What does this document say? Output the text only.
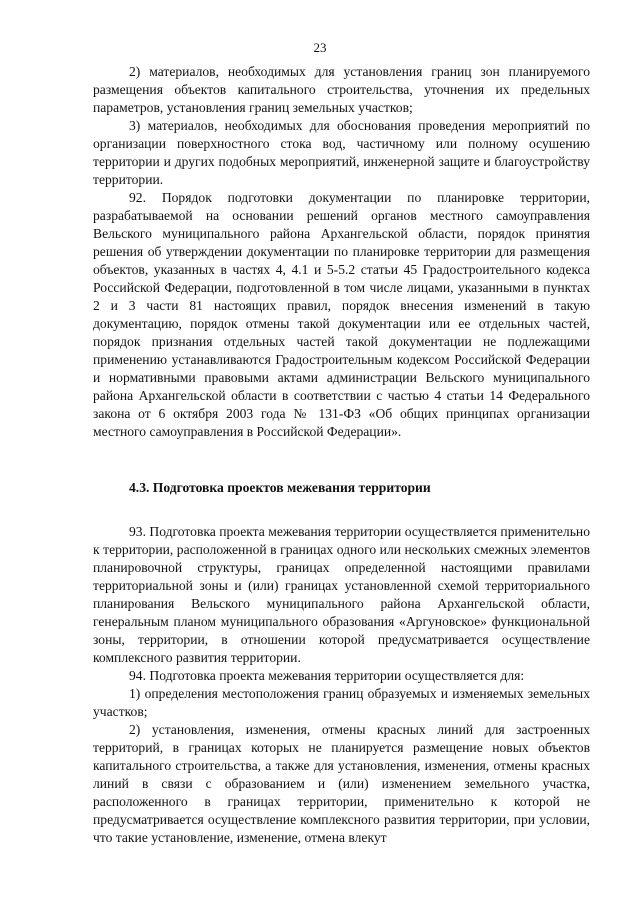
23

2) материалов, необходимых для установления границ зон планируемого размещения объектов капитального строительства, уточнения их предельных параметров, установления границ земельных участков;

3) материалов, необходимых для обоснования проведения мероприятий по организации поверхностного стока вод, частичному или полному осушению территории и других подобных мероприятий, инженерной защите и благоустройству территории.

92. Порядок подготовки документации по планировке территории, разрабатываемой на основании решений органов местного самоуправления Вельского муниципального района Архангельской области, порядок принятия решения об утверждении документации по планировке территории для размещения объектов, указанных в частях 4, 4.1 и 5-5.2 статьи 45 Градостроительного кодекса Российской Федерации, подготовленной в том числе лицами, указанными в пунктах 2 и 3 части 81 настоящих правил, порядок внесения изменений в такую документацию, порядок отмены такой документации или ее отдельных частей, порядок признания отдельных частей такой документации не подлежащими применению устанавливаются Градостроительным кодексом Российской Федерации и нормативными правовыми актами администрации Вельского муниципального района Архангельской области в соответствии с частью 4 статьи 14 Федерального закона от 6 октября 2003 года № 131-ФЗ «Об общих принципах организации местного самоуправления в Российской Федерации».

4.3. Подготовка проектов межевания территории

93. Подготовка проекта межевания территории осуществляется применительно к территории, расположенной в границах одного или нескольких смежных элементов планировочной структуры, границах определенной настоящими правилами территориальной зоны и (или) границах установленной схемой территориального планирования Вельского муниципального района Архангельской области, генеральным планом муниципального образования «Аргуновское» функциональной зоны, территории, в отношении которой предусматривается осуществление комплексного развития территории.

94. Подготовка проекта межевания территории осуществляется для:

1) определения местоположения границ образуемых и изменяемых земельных участков;

2) установления, изменения, отмены красных линий для застроенных территорий, в границах которых не планируется размещение новых объектов капитального строительства, а также для установления, изменения, отмены красных линий в связи с образованием и (или) изменением земельного участка, расположенного в границах территории, применительно к которой не предусматривается осуществление комплексного развития территории, при условии, что такие установление, изменение, отмена влекут
